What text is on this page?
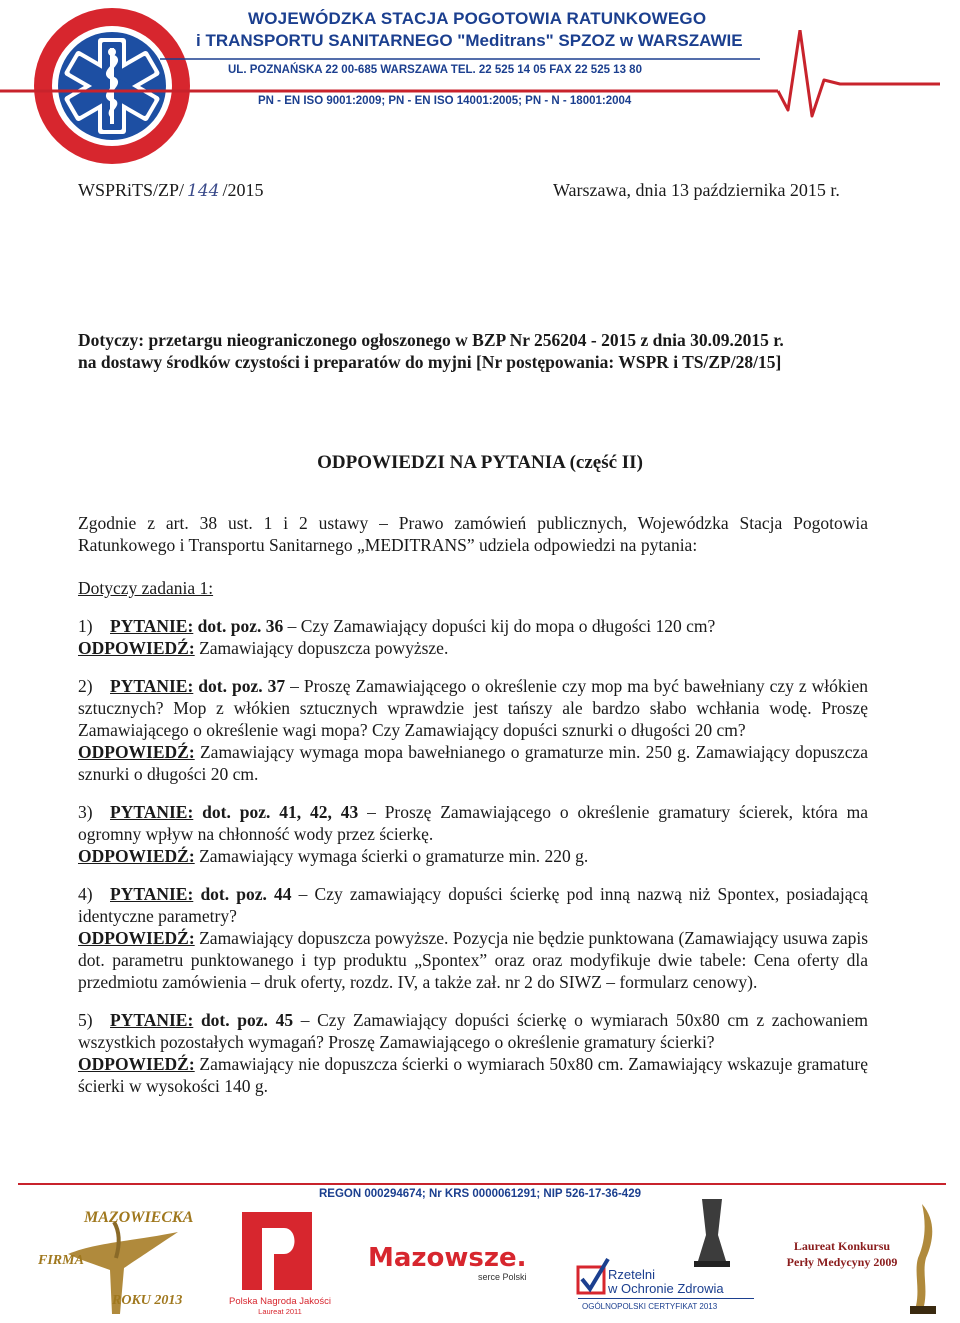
WOJEWÓDZKA STACJA POGOTOWIA RATUNKOWEGO
i TRANSPORTU SANITARNEGO "Meditrans" SPZOZ w WARSZAWIE
UL. POZNAŃSKA 22 00-685 WARSZAWA TEL. 22 525 14 05 FAX 22 525 13 80
PN - EN ISO 9001:2009; PN - EN ISO 14001:2005; PN - N - 18001:2004
WSPRiTS/ZP/ 144 /2015	Warszawa, dnia 13 października 2015 r.
Dotyczy: przetargu nieograniczonego ogłoszonego w BZP Nr 256204 - 2015 z dnia 30.09.2015 r.
na dostawy środków czystości i preparatów do myjni [Nr postępowania: WSPR i TS/ZP/28/15]
ODPOWIEDZI NA PYTANIA (część II)

Zgodnie z art. 38 ust. 1 i 2 ustawy – Prawo zamówień publicznych, Wojewódzka Stacja Pogotowia Ratunkowego i Transportu Sanitarnego „MEDITRANS” udziela odpowiedzi na pytania:

Dotyczy zadania 1:

1) PYTANIE: dot. poz. 36 – Czy Zamawiający dopuści kij do mopa o długości 120 cm?

ODPOWIEDŹ: Zamawiający dopuszcza powyższe.

2) PYTANIE: dot. poz. 37 – Proszę Zamawiającego o określenie czy mop ma być bawełniany czy z włókien sztucznych? Mop z włókien sztucznych wprawdzie jest tańszy ale bardzo słabo wchłania wodę. Proszę Zamawiającego o określenie wagi mopa? Czy Zamawiający dopuści sznurki o długości 20 cm?

ODPOWIEDŹ: Zamawiający wymaga mopa bawełnianego o gramaturze min. 250 g. Zamawiający dopuszcza sznurki o długości 20 cm.

3) PYTANIE: dot. poz. 41, 42, 43 – Proszę Zamawiającego o określenie gramatury ścierek, która ma ogromny wpływ na chłonność wody przez ścierkę.

ODPOWIEDŹ: Zamawiający wymaga ścierki o gramaturze min. 220 g.

4) PYTANIE: dot. poz. 44 – Czy zamawiający dopuści ścierkę pod inną nazwą niż Spontex, posiadającą identyczne parametry?

ODPOWIEDŹ: Zamawiający dopuszcza powyższe. Pozycja nie będzie punktowana (Zamawiający usuwa zapis dot. parametru punktowanego i typ produktu „Spontex” oraz oraz modyfikuje dwie tabele: Cena oferty dla przedmiotu zamówienia – druk oferty, rozdz. IV, a także zał. nr 2 do SIWZ – formularz cenowy).

5) PYTANIE: dot. poz. 45 – Czy Zamawiający dopuści ścierkę o wymiarach 50x80 cm z zachowaniem wszystkich pozostałych wymagań? Proszę Zamawiającego o określenie gramatury ścierki?

ODPOWIEDŹ: Zamawiający nie dopuszcza ścierki o wymiarach 50x80 cm. Zamawiający wskazuje gramaturę ścierki w wysokości 140 g.

REGON 000294674; Nr KRS 0000061291; NIP 526-17-36-429
MAZOWIECKA
FIRMA
ROKU 2013	Polska Nagroda Jakości
Laureat 2011
Mazowsze.
serce Polski	Rzetelni
w Ochronie Zdrowia
OGÓLNOPOLSKI CERTYFIKAT 2013
Laureat Konkursu
Perły Medycyny 2009
